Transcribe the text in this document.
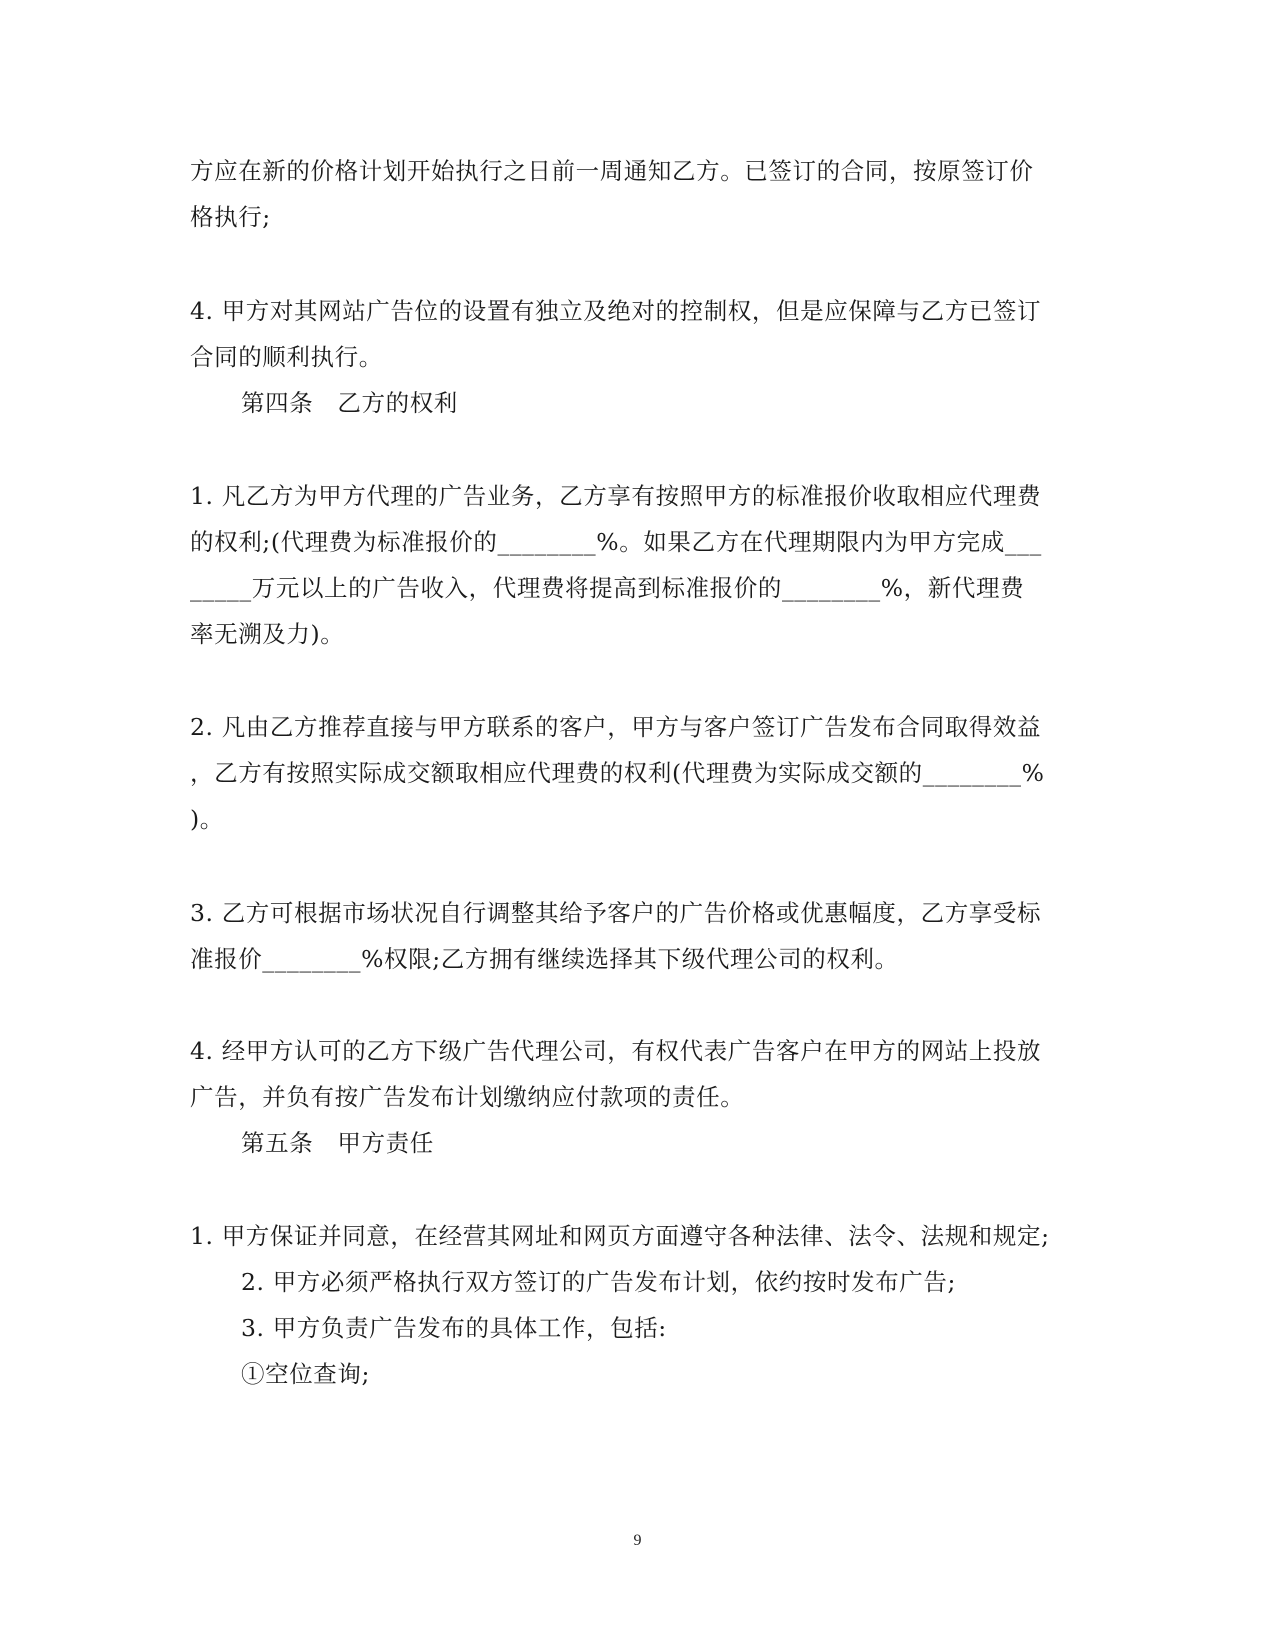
方应在新的价格计划开始执行之日前一周通知乙方。已签订的合同，按原签订价
格执行;
4. 甲方对其网站广告位的设置有独立及绝对的控制权，但是应保障与乙方已签订
合同的顺利执行。
第四条　乙方的权利
1. 凡乙方为甲方代理的广告业务，乙方享有按照甲方的标准报价收取相应代理费
的权利;(代理费为标准报价的________%。如果乙方在代理期限内为甲方完成___
_____万元以上的广告收入，代理费将提高到标准报价的________%，新代理费
率无溯及力)。
2. 凡由乙方推荐直接与甲方联系的客户，甲方与客户签订广告发布合同取得效益
，乙方有按照实际成交额取相应代理费的权利(代理费为实际成交额的________%
)。
3. 乙方可根据市场状况自行调整其给予客户的广告价格或优惠幅度，乙方享受标
准报价________%权限;乙方拥有继续选择其下级代理公司的权利。
4. 经甲方认可的乙方下级广告代理公司，有权代表广告客户在甲方的网站上投放
广告，并负有按广告发布计划缴纳应付款项的责任。
第五条　甲方责任
1. 甲方保证并同意，在经营其网址和网页方面遵守各种法律、法令、法规和规定;
2. 甲方必须严格执行双方签订的广告发布计划，依约按时发布广告;
3. 甲方负责广告发布的具体工作，包括:
①空位查询;
9
